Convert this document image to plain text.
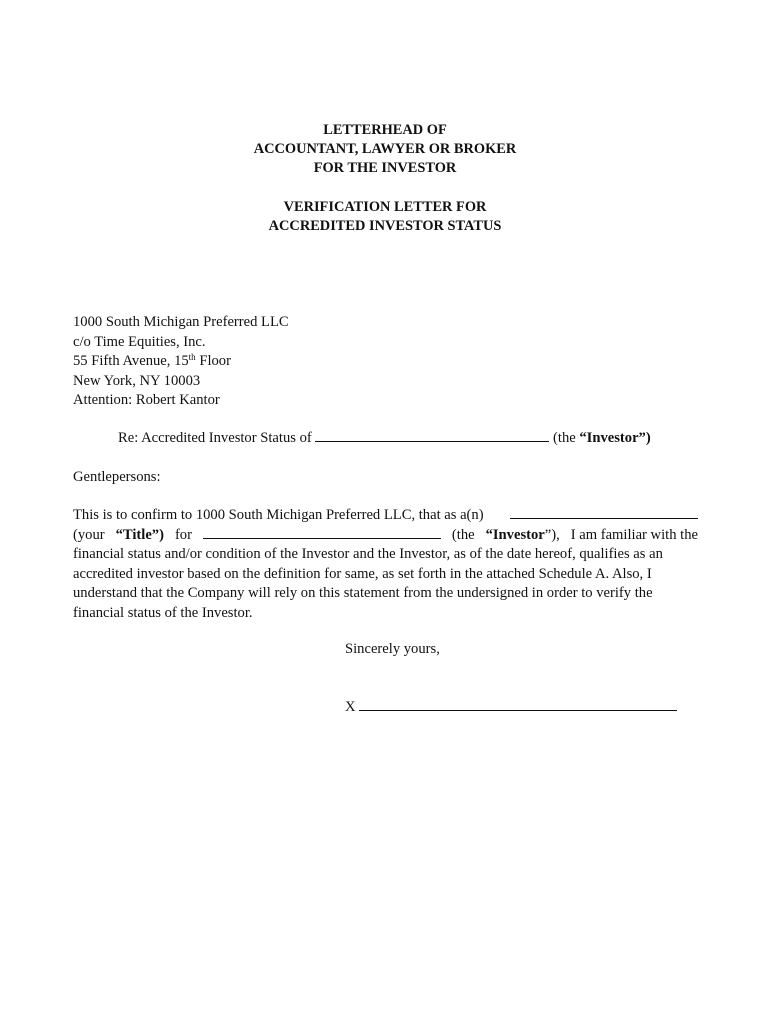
LETTERHEAD OF
ACCOUNTANT, LAWYER OR BROKER
FOR THE INVESTOR
VERIFICATION LETTER FOR
ACCREDITED INVESTOR STATUS
1000 South Michigan Preferred LLC
c/o Time Equities, Inc.
55 Fifth Avenue, 15th Floor
New York, NY 10003
Attention: Robert Kantor
Re: Accredited Investor Status of	(the “Investor”)
Gentlepersons:
This is to confirm to 1000 South Michigan Preferred LLC, that as a(n)
(your “Title”) for	(the “Investor”), I am familiar with the
financial status and/or condition of the Investor and the Investor, as of the date hereof, qualifies as an
accredited investor based on the definition for same, as set forth in the attached Schedule A. Also, I
understand that the Company will rely on this statement from the undersigned in order to verify the
financial status of the Investor.
Sincerely yours,
X
